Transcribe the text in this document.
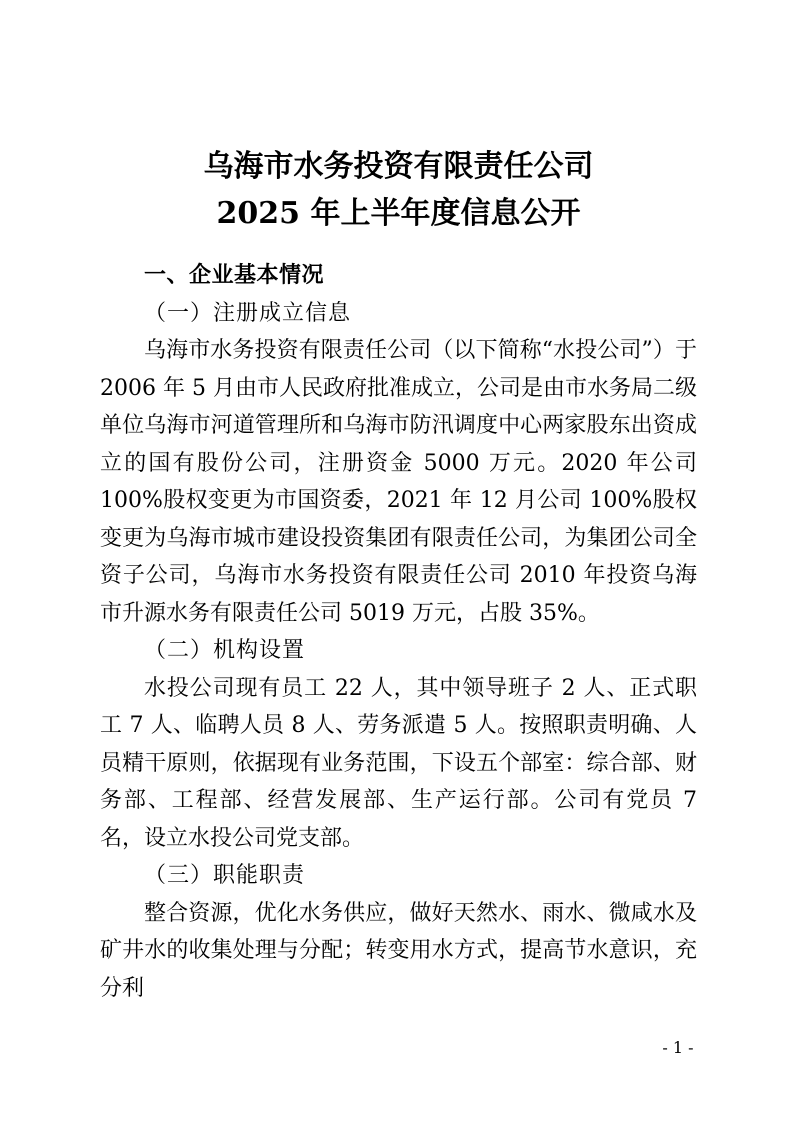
乌海市水务投资有限责任公司
2025 年上半年度信息公开

一、企业基本情况

（一）注册成立信息

乌海市水务投资有限责任公司（以下简称“水投公司”）于 2006 年 5 月由市人民政府批准成立，公司是由市水务局二级单位乌海市河道管理所和乌海市防汛调度中心两家股东出资成立的国有股份公司，注册资金 5000 万元。2020 年公司 100%股权变更为市国资委，2021 年 12 月公司 100%股权变更为乌海市城市建设投资集团有限责任公司，为集团公司全资子公司，乌海市水务投资有限责任公司 2010 年投资乌海市升源水务有限责任公司 5019 万元，占股 35%。

（二）机构设置

水投公司现有员工 22 人，其中领导班子 2 人、正式职工 7 人、临聘人员 8 人、劳务派遣 5 人。按照职责明确、人员精干原则，依据现有业务范围，下设五个部室：综合部、财务部、工程部、经营发展部、生产运行部。公司有党员 7 名，设立水投公司党支部。

（三）职能职责

整合资源，优化水务供应，做好天然水、雨水、微咸水及矿井水的收集处理与分配；转变用水方式，提高节水意识，充分利

- 1 -
